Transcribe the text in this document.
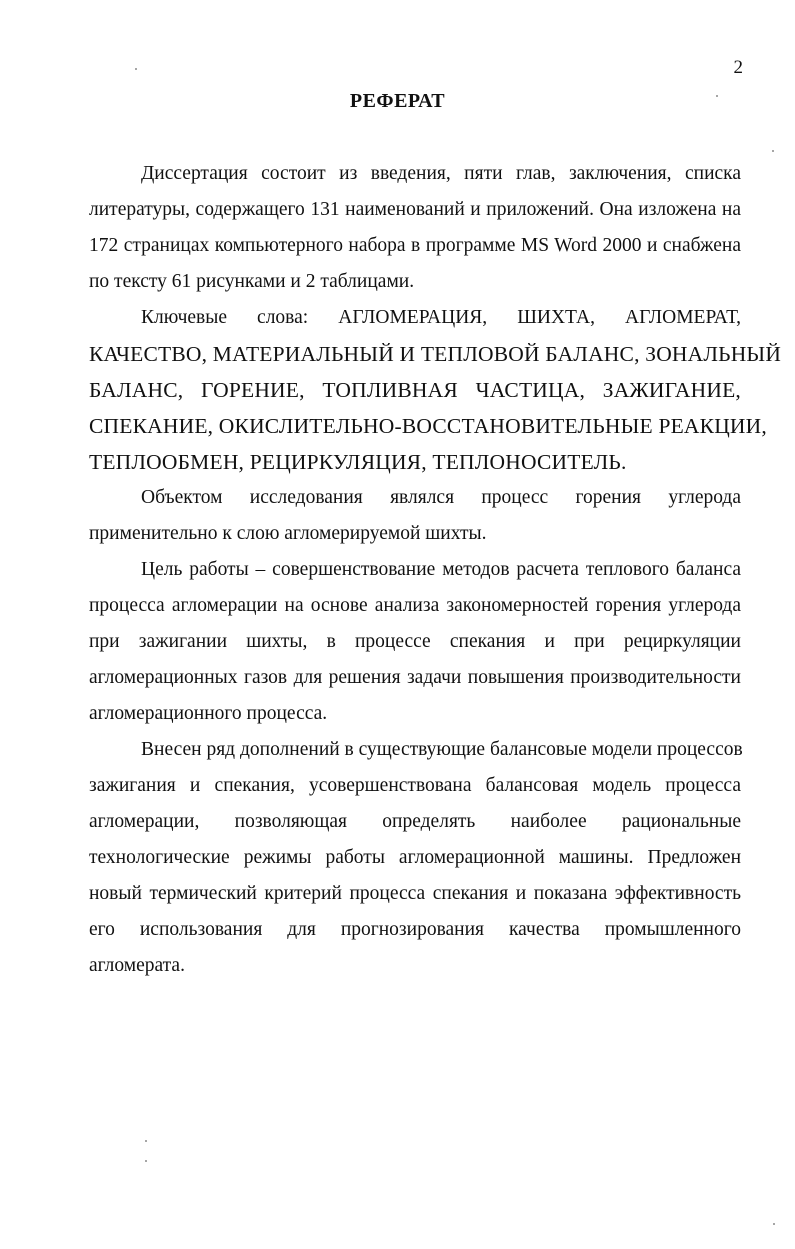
2
РЕФЕРАТ

Диссертация состоит из введения, пяти глав, заключения, списка
литературы, содержащего 131 наименований и приложений. Она изложена на
172 страницах компьютерного набора в программе MS Word 2000 и снабжена
по тексту 61 рисунками и 2 таблицами.

Ключевые слова: АГЛОМЕРАЦИЯ, ШИХТА, АГЛОМЕРАТ,
КАЧЕСТВО, МАТЕРИАЛЬНЫЙ И ТЕПЛОВОЙ БАЛАНС, ЗОНАЛЬНЫЙ
БАЛАНС, ГОРЕНИЕ, ТОПЛИВНАЯ ЧАСТИЦА, ЗАЖИГАНИЕ,
СПЕКАНИЕ, ОКИСЛИТЕЛЬНО-ВОССТАНОВИТЕЛЬНЫЕ РЕАКЦИИ,
ТЕПЛООБМЕН, РЕЦИРКУЛЯЦИЯ, ТЕПЛОНОСИТЕЛЬ.

Объектом исследования являлся процесс горения углерода
применительно к слою агломерируемой шихты.

Цель работы – совершенствование методов расчета теплового баланса
процесса агломерации на основе анализа закономерностей горения углерода
при зажигании шихты, в процессе спекания и при рециркуляции
агломерационных газов для решения задачи повышения производительности
агломерационного процесса.

Внесен ряд дополнений в существующие балансовые модели процессов
зажигания и спекания, усовершенствована балансовая модель процесса
агломерации, позволяющая определять наиболее рациональные
технологические режимы работы агломерационной машины. Предложен
новый термический критерий процесса спекания и показана эффективность
его использования для прогнозирования качества промышленного
агломерата.
